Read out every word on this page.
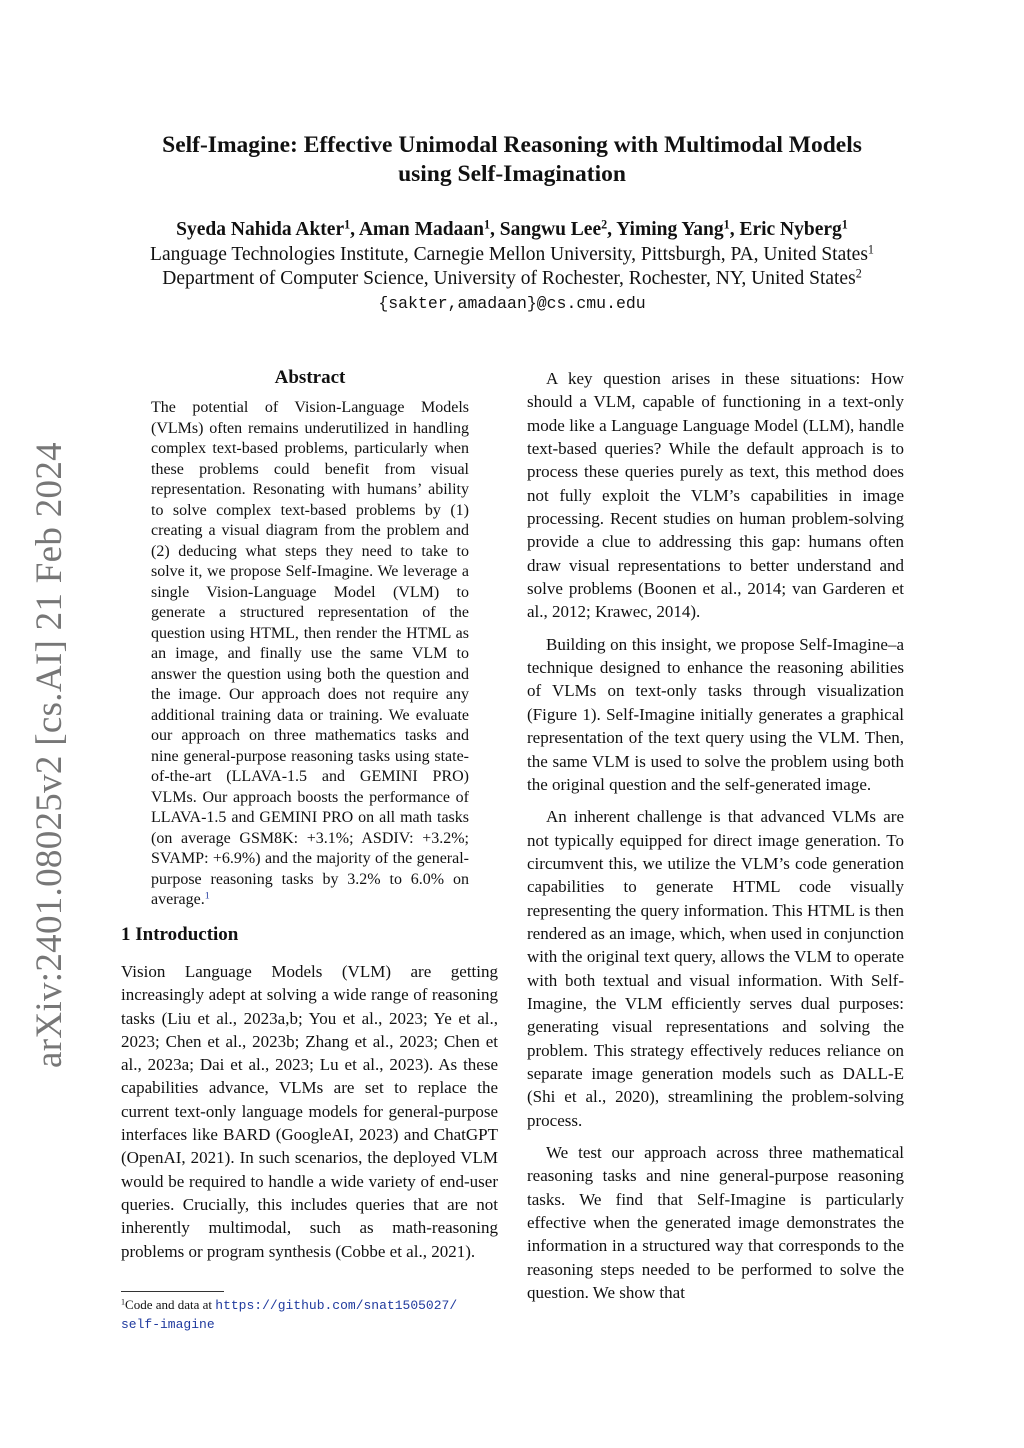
arXiv:2401.08025v2 [cs.AI] 21 Feb 2024
Self-Imagine: Effective Unimodal Reasoning with Multimodal Models
using Self-Imagination
Syeda Nahida Akter$^1$, Aman Madaan$^1$, Sangwu Lee$^2$, Yiming Yang$^1$, Eric Nyberg$^1$
Language Technologies Institute, Carnegie Mellon University, Pittsburgh, PA, United States$^1$
Department of Computer Science, University of Rochester, Rochester, NY, United States$^2$
{sakter,amadaan}@cs.cmu.edu
Abstract
The potential of Vision-Language Models (VLMs) often remains underutilized in handling complex text-based problems, particularly when these problems could benefit from visual representation. Resonating with humans’ ability to solve complex text-based problems by (1) creating a visual diagram from the problem and (2) deducing what steps they need to take to solve it, we propose Self-Imagine. We leverage a single Vision-Language Model (VLM) to generate a structured representation of the question using HTML, then render the HTML as an image, and finally use the same VLM to answer the question using both the question and the image. Our approach does not require any additional training data or training. We evaluate our approach on three mathematics tasks and nine general-purpose reasoning tasks using state-of-the-art (LLAVA-1.5 and GEMINI PRO) VLMs. Our approach boosts the performance of LLAVA-1.5 and GEMINI PRO on all math tasks (on average GSM8K: +3.1%; ASDIV: +3.2%; SVAMP: +6.9%) and the majority of the general-purpose reasoning tasks by 3.2% to 6.0% on average.$^1$
1 Introduction
Vision Language Models (VLM) are getting increasingly adept at solving a wide range of reasoning tasks (Liu et al., 2023a,b; You et al., 2023; Ye et al., 2023; Chen et al., 2023b; Zhang et al., 2023; Chen et al., 2023a; Dai et al., 2023; Lu et al., 2023). As these capabilities advance, VLMs are set to replace the current text-only language models for general-purpose interfaces like BARD (GoogleAI, 2023) and ChatGPT (OpenAI, 2021). In such scenarios, the deployed VLM would be required to handle a wide variety of end-user queries. Crucially, this includes queries that are not inherently multimodal, such as math-reasoning problems or program synthesis (Cobbe et al., 2021).
$^1$Code and data at https://github.com/snat1505027/
self-imagine

A key question arises in these situations: How should a VLM, capable of functioning in a text-only mode like a Language Language Model (LLM), handle text-based queries? While the default approach is to process these queries purely as text, this method does not fully exploit the VLM’s capabilities in image processing. Recent studies on human problem-solving provide a clue to addressing this gap: humans often draw visual representations to better understand and solve problems (Boonen et al., 2014; van Garderen et al., 2012; Krawec, 2014).

Building on this insight, we propose Self-Imagine–a technique designed to enhance the reasoning abilities of VLMs on text-only tasks through visualization (Figure 1). Self-Imagine initially generates a graphical representation of the text query using the VLM. Then, the same VLM is used to solve the problem using both the original question and the self-generated image.

An inherent challenge is that advanced VLMs are not typically equipped for direct image generation. To circumvent this, we utilize the VLM’s code generation capabilities to generate HTML code visually representing the query information. This HTML is then rendered as an image, which, when used in conjunction with the original text query, allows the VLM to operate with both textual and visual information. With Self-Imagine, the VLM efficiently serves dual purposes: generating visual representations and solving the problem. This strategy effectively reduces reliance on separate image generation models such as DALL-E (Shi et al., 2020), streamlining the problem-solving process.

We test our approach across three mathematical reasoning tasks and nine general-purpose reasoning tasks. We find that Self-Imagine is particularly effective when the generated image demonstrates the information in a structured way that corresponds to the reasoning steps needed to be performed to solve the question. We show that
